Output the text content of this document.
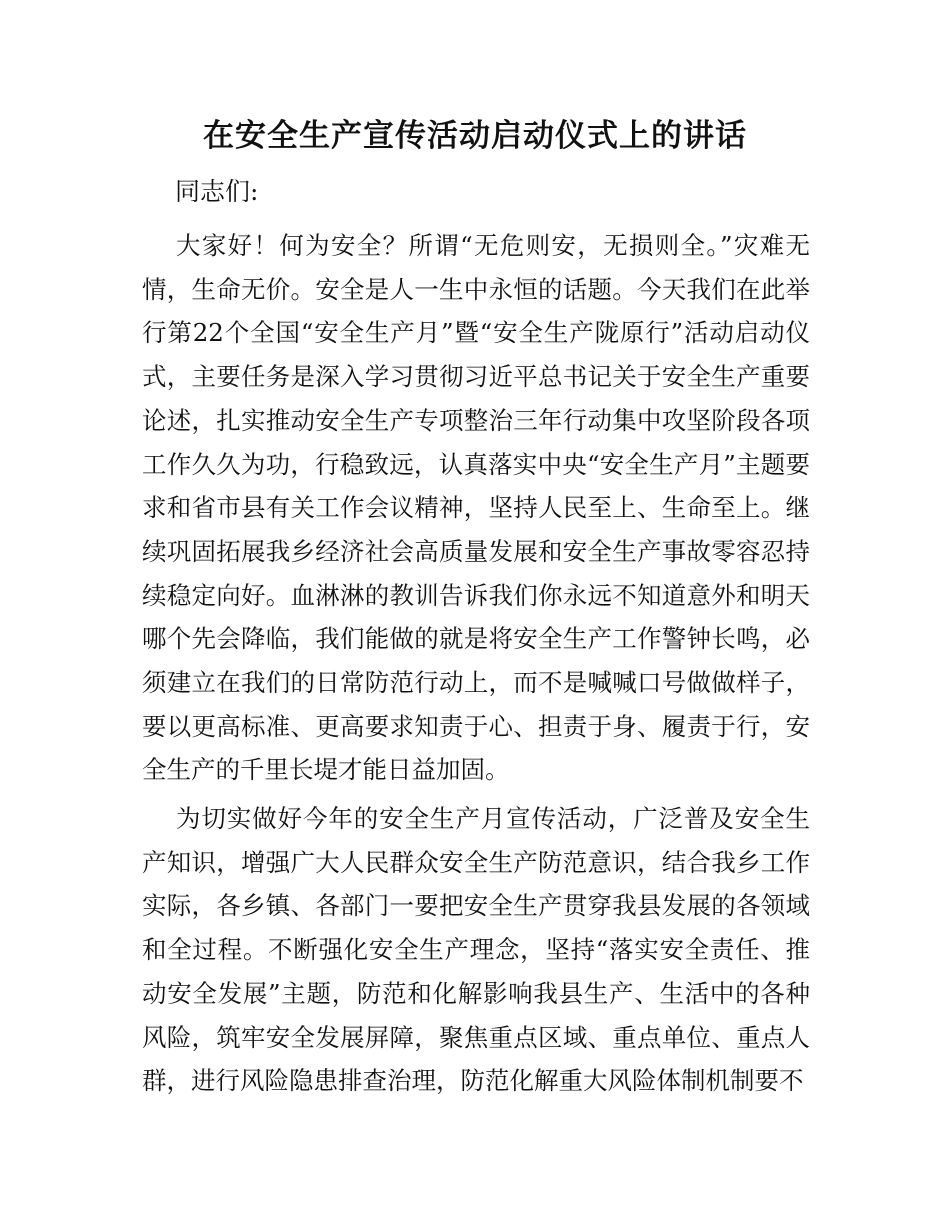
在安全生产宣传活动启动仪式上的讲话

同志们:

大家好！何为安全？所谓“无危则安，无损则全。”灾难无情，生命无价。安全是人一生中永恒的话题。今天我们在此举行第22个全国“安全生产月”暨“安全生产陇原行”活动启动仪式，主要任务是深入学习贯彻习近平总书记关于安全生产重要论述，扎实推动安全生产专项整治三年行动集中攻坚阶段各项工作久久为功，行稳致远，认真落实中央“安全生产月”主题要求和省市县有关工作会议精神，坚持人民至上、生命至上。继续巩固拓展我乡经济社会高质量发展和安全生产事故零容忍持续稳定向好。血淋淋的教训告诉我们你永远不知道意外和明天哪个先会降临，我们能做的就是将安全生产工作警钟长鸣，必须建立在我们的日常防范行动上，而不是喊喊口号做做样子，要以更高标准、更高要求知责于心、担责于身、履责于行，安全生产的千里长堤才能日益加固。

为切实做好今年的安全生产月宣传活动，广泛普及安全生产知识，增强广大人民群众安全生产防范意识，结合我乡工作实际，各乡镇、各部门一要把安全生产贯穿我县发展的各领域和全过程。不断强化安全生产理念，坚持“落实安全责任、推动安全发展”主题，防范和化解影响我县生产、生活中的各种风险，筑牢安全发展屏障，聚焦重点区域、重点单位、重点人群，进行风险隐患排查治理，防范化解重大风险体制机制要不
